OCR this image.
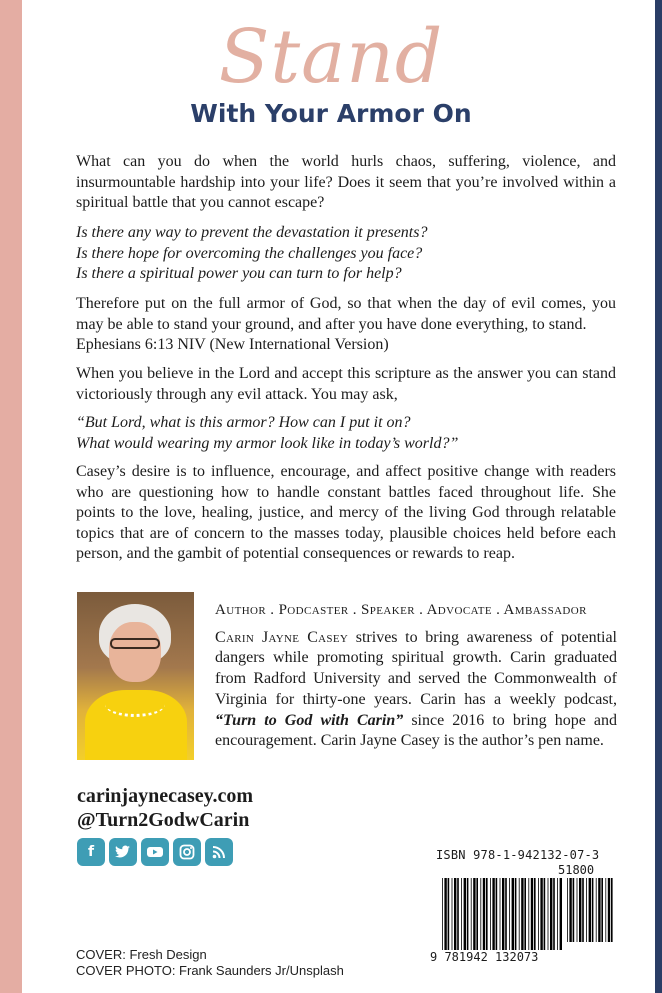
Stand
With Your Armor On

What can you do when the world hurls chaos, suffering, violence, and insurmountable hardship into your life? Does it seem that you’re involved within a spiritual battle that you cannot escape?

Is there any way to prevent the devastation it presents?

Is there hope for overcoming the challenges you face?

Is there a spiritual power you can turn to for help?

Therefore put on the full armor of God, so that when the day of evil comes, you may be able to stand your ground, and after you have done everything, to stand.

Ephesians 6:13 NIV (New International Version)

When you believe in the Lord and accept this scripture as the answer you can stand victoriously through any evil attack. You may ask,

“But Lord, what is this armor? How can I put it on?

What would wearing my armor look like in today’s world?”

Casey’s desire is to influence, encourage, and affect positive change with readers who are questioning how to handle constant battles faced throughout life. She points to the love, healing, justice, and mercy of the living God through relatable topics that are of concern to the masses today, plausible choices held before each person, and the gambit of potential consequences or rewards to reap.

Author . Podcaster . Speaker . Advocate . Ambassador

Carin Jayne Casey strives to bring awareness of potential dangers while promoting spiritual growth. Carin graduated from Radford University and served the Commonwealth of Virginia for thirty-one years. Carin has a weekly podcast, “Turn to God with Carin” since 2016 to bring hope and encouragement. Carin Jayne Casey is the author’s pen name.

carinjaynecasey.com
@Turn2GodwCarin
f
COVER: Fresh Design
COVER PHOTO: Frank Saunders Jr/Unsplash
ISBN 978-1-942132-07-3
51800
9 781942 132073
